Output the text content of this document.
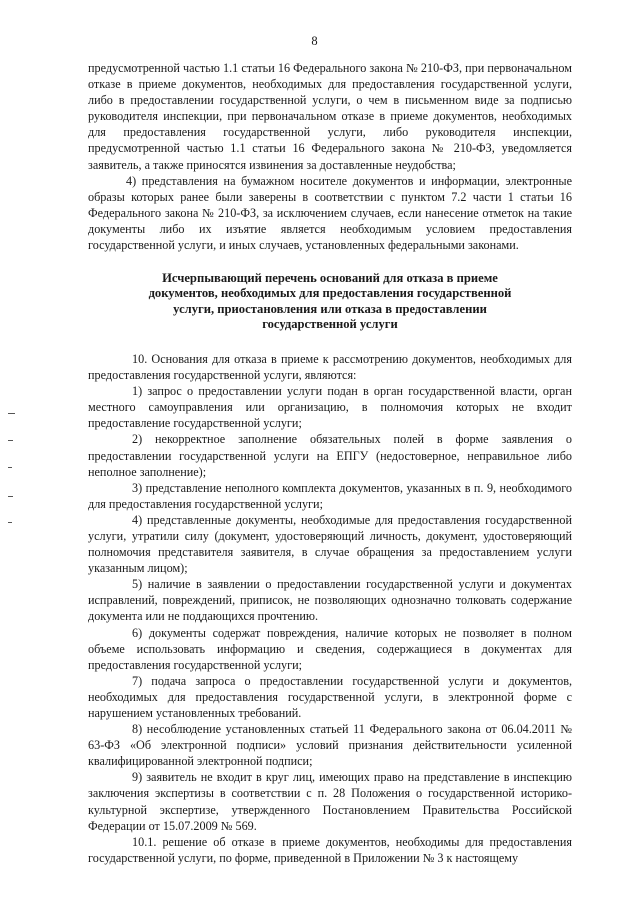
8

предусмотренной частью 1.1 статьи 16 Федерального закона № 210-ФЗ, при первоначальном отказе в приеме документов, необходимых для предоставления государственной услуги, либо в предоставлении государственной услуги, о чем в письменном виде за подписью руководителя инспекции, при первоначальном отказе в приеме документов, необходимых для предоставления государственной услуги, либо руководителя инспекции, предусмотренной частью 1.1 статьи 16 Федерального закона № 210-ФЗ, уведомляется заявитель, а также приносятся извинения за доставленные неудобства;

4) представления на бумажном носителе документов и информации, электронные образы которых ранее были заверены в соответствии с пунктом 7.2 части 1 статьи 16 Федерального закона № 210-ФЗ, за исключением случаев, если нанесение отметок на такие документы либо их изъятие является необходимым условием предоставления государственной услуги, и иных случаев, установленных федеральными законами.

Исчерпывающий перечень оснований для отказа в приеме
документов, необходимых для предоставления государственной
услуги, приостановления или отказа в предоставлении
государственной услуги

10. Основания для отказа в приеме к рассмотрению документов, необходимых для предоставления государственной услуги, являются:

1) запрос о предоставлении услуги подан в орган государственной власти, орган местного самоуправления или организацию, в полномочия которых не входит предоставление государственной услуги;

2) некорректное заполнение обязательных полей в форме заявления о предоставлении государственной услуги на ЕПГУ (недостоверное, неправильное либо неполное заполнение);

3) представление неполного комплекта документов, указанных в п. 9, необходимого для предоставления государственной услуги;

4) представленные документы, необходимые для предоставления государственной услуги, утратили силу (документ, удостоверяющий личность, документ, удостоверяющий полномочия представителя заявителя, в случае обращения за предоставлением услуги указанным лицом);

5) наличие в заявлении о предоставлении государственной услуги и документах исправлений, повреждений, приписок, не позволяющих однозначно толковать содержание документа или не поддающихся прочтению.

6) документы содержат повреждения, наличие которых не позволяет в полном объеме использовать информацию и сведения, содержащиеся в документах для предоставления государственной услуги;

7) подача запроса о предоставлении государственной услуги и документов, необходимых для предоставления государственной услуги, в электронной форме с нарушением установленных требований.

8) несоблюдение установленных статьей 11 Федерального закона от 06.04.2011 № 63-ФЗ «Об электронной подписи» условий признания действительности усиленной квалифицированной электронной подписи;

9) заявитель не входит в круг лиц, имеющих право на представление в инспекцию заключения экспертизы в соответствии с п. 28 Положения о государственной историко-культурной экспертизе, утвержденного Постановлением Правительства Российской Федерации от 15.07.2009 № 569.

10.1. решение об отказе в приеме документов, необходимы для предоставления государственной услуги, по форме, приведенной в Приложении № 3 к настоящему
